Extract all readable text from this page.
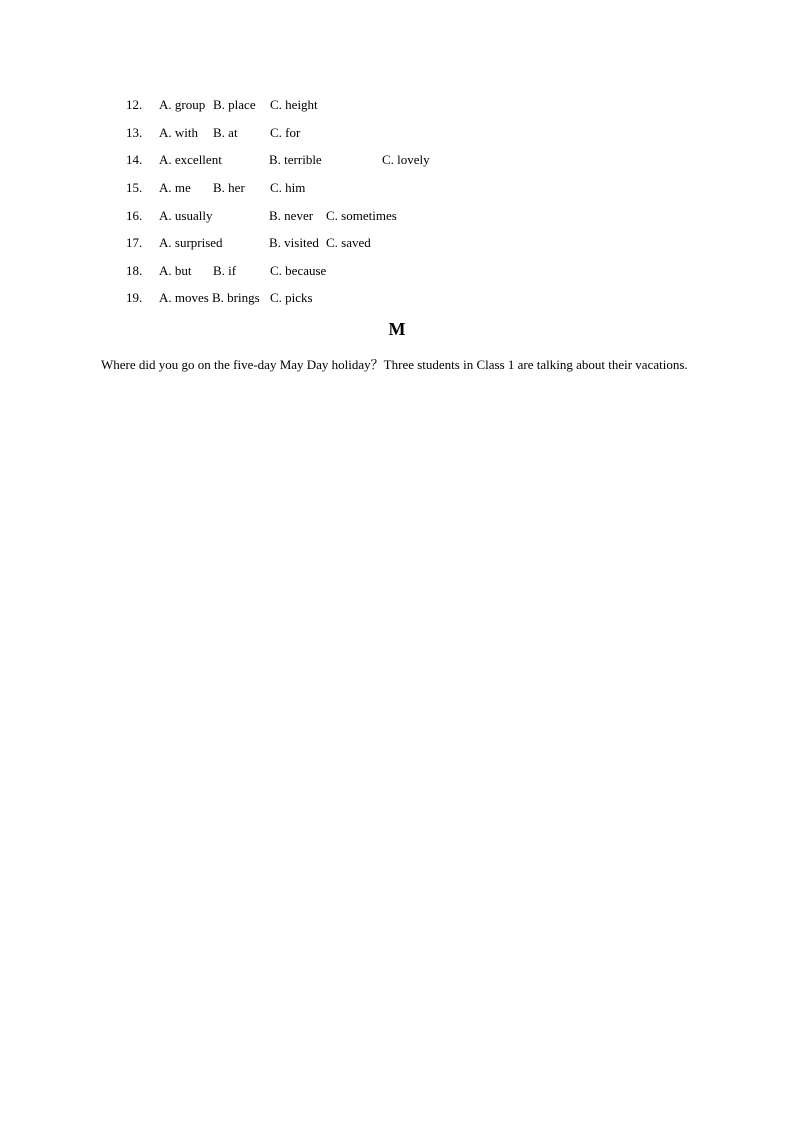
12. A. group B. place C. height
13. A. with B. at C. for
14. A. excellent	B. terrible	C. lovely
15. A. me B. her C. him
16. A. usually	B. never C. sometimes
17. A. surprised	B. visited C. saved
18. A. but B. if	C. because
19. A. moves B. brings C. picks
M
Where did you go on the five-day May Day holiday？Three students in Class 1 are talking about their vacations.
